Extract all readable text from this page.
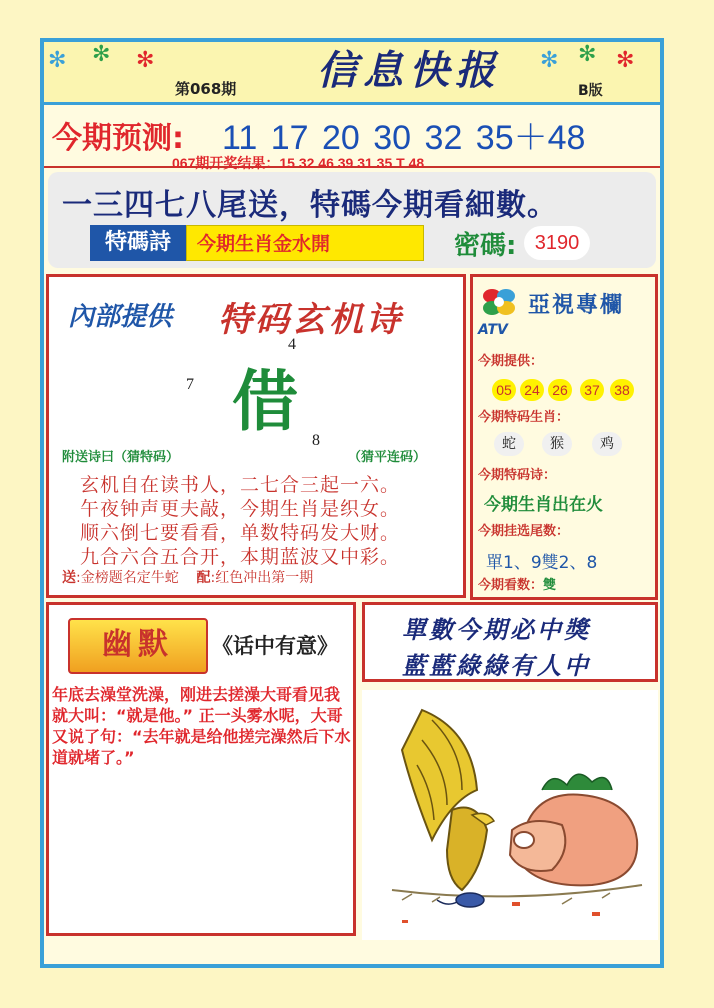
✻ ✻ ✻	✻ ✻ ✻
第068期	信息快报	B版
今期预测: 11 17 20 30 32 35＋48
067期开奖结果：15 32 46 39 31 35 T 48
一三四七八尾送，特碼今期看細數。
特碼詩	今期生肖金水開	密碼: 3190
內部提供 特码玄机诗
4
7 借
8
附送诗曰（猜特码）	（猜平连码）
玄机自在读书人，二七合三起一六。
午夜钟声更夫敲，今期生肖是织女。
顺六倒七要看看，单数特码发大财。
九合六合五合开，本期蓝波又中彩。
送:金榜题名定牛蛇 配:红色冲出第一期
亞視專欄
ATV
今期提供：
05 24 26	37	38
今期特码生肖：
蛇	猴	鸡
今期特码诗：
今期生肖出在火
今期挂选尾数：
單1、9雙2、8
今期看数：雙
幽默	《话中有意》
年底去澡堂洗澡，刚进去搓澡大哥看见我就大叫：“就是他。” 正一头雾水呢，大哥又说了句：“去年就是给他搓完澡然后下水道就堵了。”
單數今期必中獎
藍藍綠綠有人中
